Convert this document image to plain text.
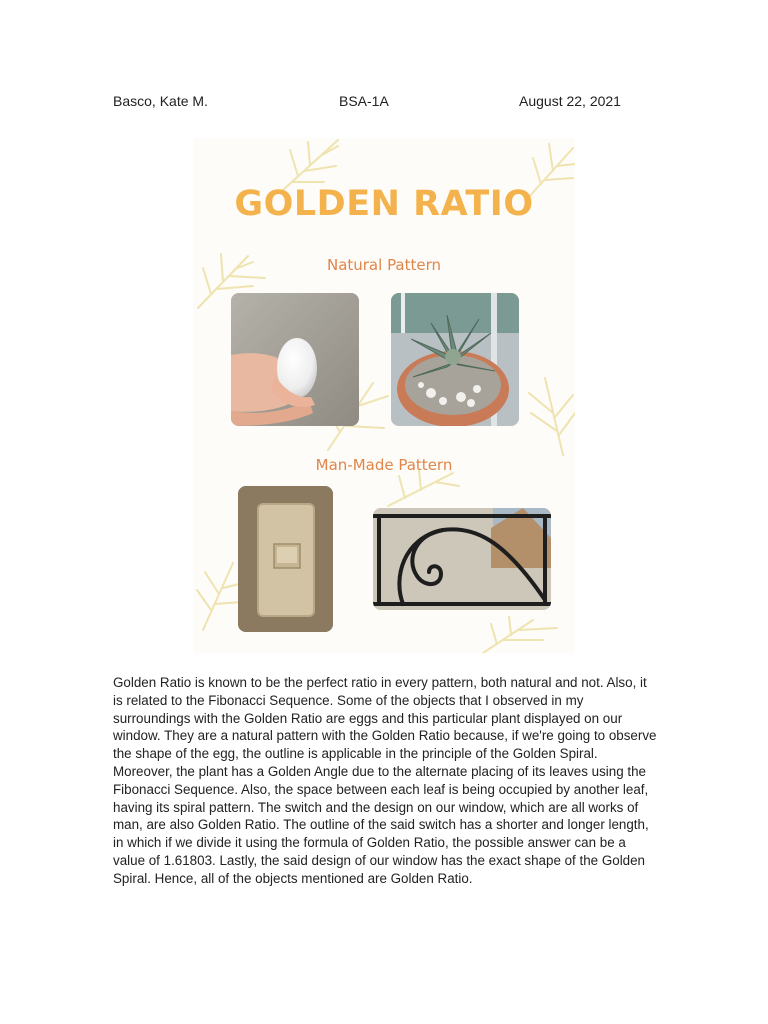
Basco, Kate M.	BSA-1A	August 22, 2021
GOLDEN RATIO
Natural Pattern
Man-Made Pattern
Golden Ratio is known to be the perfect ratio in every pattern, both natural and not. Also, it is related to the Fibonacci Sequence. Some of the objects that I observed in my surroundings with the Golden Ratio are eggs and this particular plant displayed on our window. They are a natural pattern with the Golden Ratio because, if we're going to observe the shape of the egg, the outline is applicable in the principle of the Golden Spiral. Moreover, the plant has a Golden Angle due to the alternate placing of its leaves using the Fibonacci Sequence. Also, the space between each leaf is being occupied by another leaf, having its spiral pattern. The switch and the design on our window, which are all works of man, are also Golden Ratio. The outline of the said switch has a shorter and longer length, in which if we divide it using the formula of Golden Ratio, the possible answer can be a value of 1.61803. Lastly, the said design of our window has the exact shape of the Golden Spiral. Hence, all of the objects mentioned are Golden Ratio.
